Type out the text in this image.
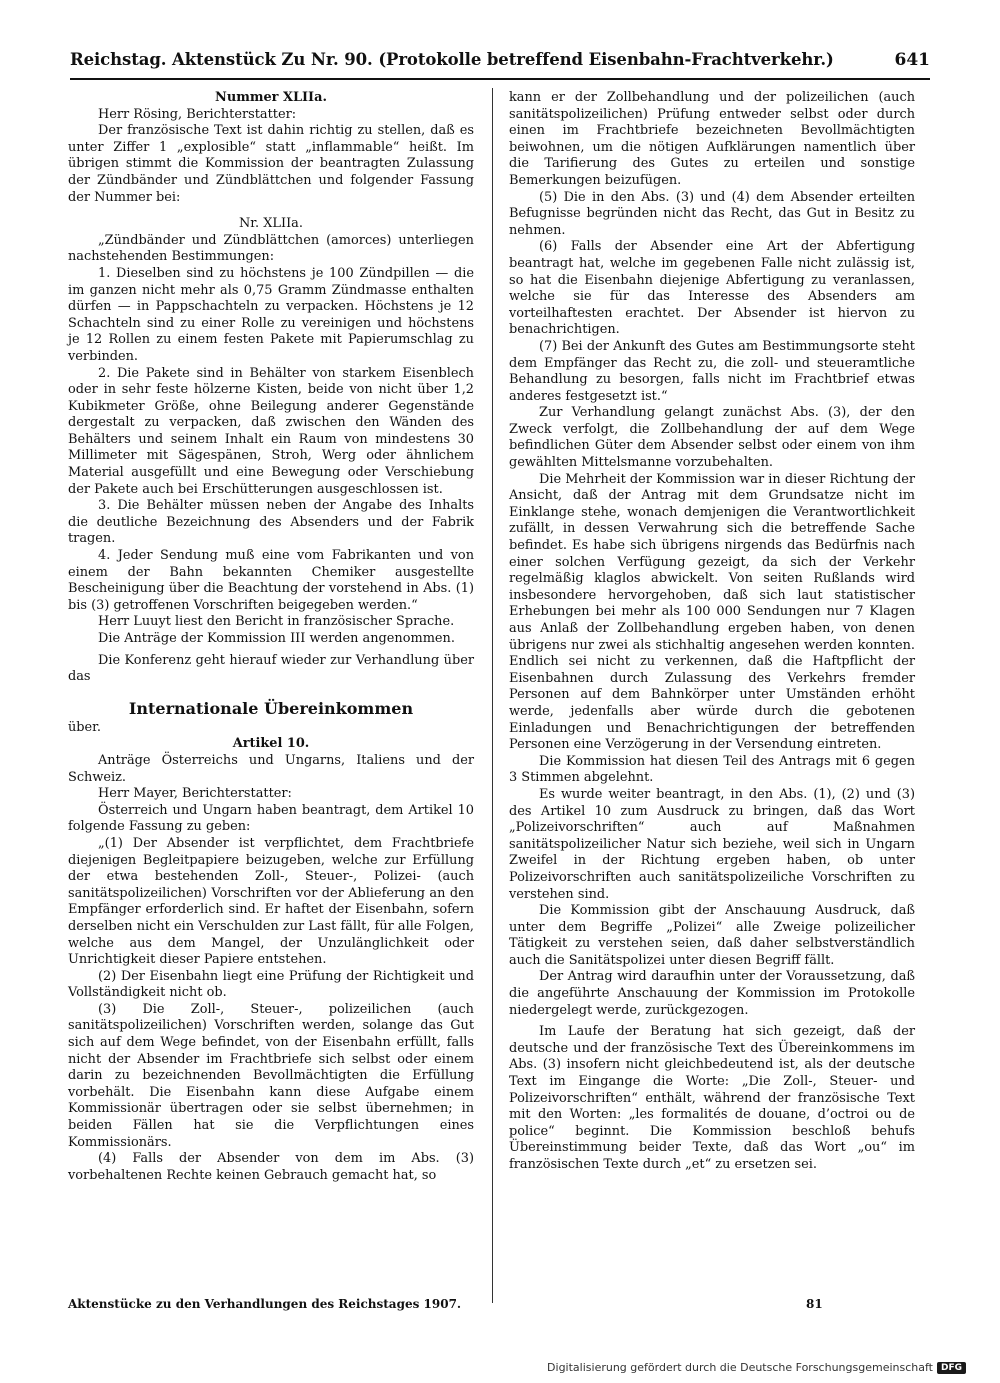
Reichstag. Aktenstück Zu Nr. 90. (Protokolle betreffend Eisenbahn-Frachtverkehr.)	641

Nummer XLIIa.

Herr Rösing, Berichterstatter:

Der französische Text ist dahin richtig zu stellen, daß es unter Ziffer 1 „explosible“ statt „inflammable“ heißt. Im übrigen stimmt die Kommission der beantragten Zulassung der Zündbänder und Zündblättchen und folgender Fassung der Nummer bei:

Nr. XLIIa.

„Zündbänder und Zündblättchen (amorces) unterliegen nachstehenden Bestimmungen:

1. Dieselben sind zu höchstens je 100 Zündpillen — die im ganzen nicht mehr als 0,75 Gramm Zündmasse enthalten dürfen — in Pappschachteln zu verpacken. Höchstens je 12 Schachteln sind zu einer Rolle zu vereinigen und höchstens je 12 Rollen zu einem festen Pakete mit Papierumschlag zu verbinden.

2. Die Pakete sind in Behälter von starkem Eisenblech oder in sehr feste hölzerne Kisten, beide von nicht über 1,2 Kubikmeter Größe, ohne Beilegung anderer Gegenstände dergestalt zu verpacken, daß zwischen den Wänden des Behälters und seinem Inhalt ein Raum von mindestens 30 Millimeter mit Sägespänen, Stroh, Werg oder ähnlichem Material ausgefüllt und eine Bewegung oder Verschiebung der Pakete auch bei Erschütterungen ausgeschlossen ist.

3. Die Behälter müssen neben der Angabe des Inhalts die deutliche Bezeichnung des Absenders und der Fabrik tragen.

4. Jeder Sendung muß eine vom Fabrikanten und von einem der Bahn bekannten Chemiker ausgestellte Bescheinigung über die Beachtung der vorstehend in Abs. (1) bis (3) getroffenen Vorschriften beigegeben werden.“

Herr Luuyt liest den Bericht in französischer Sprache.

Die Anträge der Kommission III werden angenommen.

Die Konferenz geht hierauf wieder zur Verhandlung über das

Internationale Übereinkommen

über.

Artikel 10.

Anträge Österreichs und Ungarns, Italiens und der Schweiz.

Herr Mayer, Berichterstatter:

Österreich und Ungarn haben beantragt, dem Artikel 10 folgende Fassung zu geben:

„(1) Der Absender ist verpflichtet, dem Frachtbriefe diejenigen Begleitpapiere beizugeben, welche zur Erfüllung der etwa bestehenden Zoll-, Steuer-, Polizei- (auch sanitätspolizeilichen) Vorschriften vor der Ablieferung an den Empfänger erforderlich sind. Er haftet der Eisenbahn, sofern derselben nicht ein Verschulden zur Last fällt, für alle Folgen, welche aus dem Mangel, der Unzulänglichkeit oder Unrichtigkeit dieser Papiere entstehen.

(2) Der Eisenbahn liegt eine Prüfung der Richtigkeit und Vollständigkeit nicht ob.

(3) Die Zoll-, Steuer-, polizeilichen (auch sanitätspolizeilichen) Vorschriften werden, solange das Gut sich auf dem Wege befindet, von der Eisenbahn erfüllt, falls nicht der Absender im Frachtbriefe sich selbst oder einem darin zu bezeichnenden Bevollmächtigten die Erfüllung vorbehält. Die Eisenbahn kann diese Aufgabe einem Kommissionär übertragen oder sie selbst übernehmen; in beiden Fällen hat sie die Verpflichtungen eines Kommissionärs.

(4) Falls der Absender von dem im Abs. (3) vorbehaltenen Rechte keinen Gebrauch gemacht hat, so

kann er der Zollbehandlung und der polizeilichen (auch sanitätspolizeilichen) Prüfung entweder selbst oder durch einen im Frachtbriefe bezeichneten Bevollmächtigten beiwohnen, um die nötigen Aufklärungen namentlich über die Tarifierung des Gutes zu erteilen und sonstige Bemerkungen beizufügen.

(5) Die in den Abs. (3) und (4) dem Absender erteilten Befugnisse begründen nicht das Recht, das Gut in Besitz zu nehmen.

(6) Falls der Absender eine Art der Abfertigung beantragt hat, welche im gegebenen Falle nicht zulässig ist, so hat die Eisenbahn diejenige Abfertigung zu veranlassen, welche sie für das Interesse des Absenders am vorteilhaftesten erachtet. Der Absender ist hiervon zu benachrichtigen.

(7) Bei der Ankunft des Gutes am Bestimmungsorte steht dem Empfänger das Recht zu, die zoll- und steueramtliche Behandlung zu besorgen, falls nicht im Frachtbrief etwas anderes festgesetzt ist.“

Zur Verhandlung gelangt zunächst Abs. (3), der den Zweck verfolgt, die Zollbehandlung der auf dem Wege befindlichen Güter dem Absender selbst oder einem von ihm gewählten Mittelsmanne vorzubehalten.

Die Mehrheit der Kommission war in dieser Richtung der Ansicht, daß der Antrag mit dem Grundsatze nicht im Einklange stehe, wonach demjenigen die Verantwortlichkeit zufällt, in dessen Verwahrung sich die betreffende Sache befindet. Es habe sich übrigens nirgends das Bedürfnis nach einer solchen Verfügung gezeigt, da sich der Verkehr regelmäßig klaglos abwickelt. Von seiten Rußlands wird insbesondere hervorgehoben, daß sich laut statistischer Erhebungen bei mehr als 100 000 Sendungen nur 7 Klagen aus Anlaß der Zollbehandlung ergeben haben, von denen übrigens nur zwei als stichhaltig angesehen werden konnten. Endlich sei nicht zu verkennen, daß die Haftpflicht der Eisenbahnen durch Zulassung des Verkehrs fremder Personen auf dem Bahnkörper unter Umständen erhöht werde, jedenfalls aber würde durch die gebotenen Einladungen und Benachrichtigungen der betreffenden Personen eine Verzögerung in der Versendung eintreten.

Die Kommission hat diesen Teil des Antrags mit 6 gegen 3 Stimmen abgelehnt.

Es wurde weiter beantragt, in den Abs. (1), (2) und (3) des Artikel 10 zum Ausdruck zu bringen, daß das Wort „Polizeivorschriften“ auch auf Maßnahmen sanitätspolizeilicher Natur sich beziehe, weil sich in Ungarn Zweifel in der Richtung ergeben haben, ob unter Polizeivorschriften auch sanitätspolizeiliche Vorschriften zu verstehen sind.

Die Kommission gibt der Anschauung Ausdruck, daß unter dem Begriffe „Polizei“ alle Zweige polizeilicher Tätigkeit zu verstehen seien, daß daher selbstverständlich auch die Sanitätspolizei unter diesen Begriff fällt.

Der Antrag wird daraufhin unter der Voraussetzung, daß die angeführte Anschauung der Kommission im Protokolle niedergelegt werde, zurückgezogen.

Im Laufe der Beratung hat sich gezeigt, daß der deutsche und der französische Text des Übereinkommens im Abs. (3) insofern nicht gleichbedeutend ist, als der deutsche Text im Eingange die Worte: „Die Zoll-, Steuer- und Polizeivorschriften“ enthält, während der französische Text mit den Worten: „les formalités de douane, d’octroi ou de police“ beginnt. Die Kommission beschloß behufs Übereinstimmung beider Texte, daß das Wort „ou“ im französischen Texte durch „et“ zu ersetzen sei.

Aktenstücke zu den Verhandlungen des Reichstages 1907.	81
Digitalisierung gefördert durch die Deutsche Forschungsgemeinschaft DFG
